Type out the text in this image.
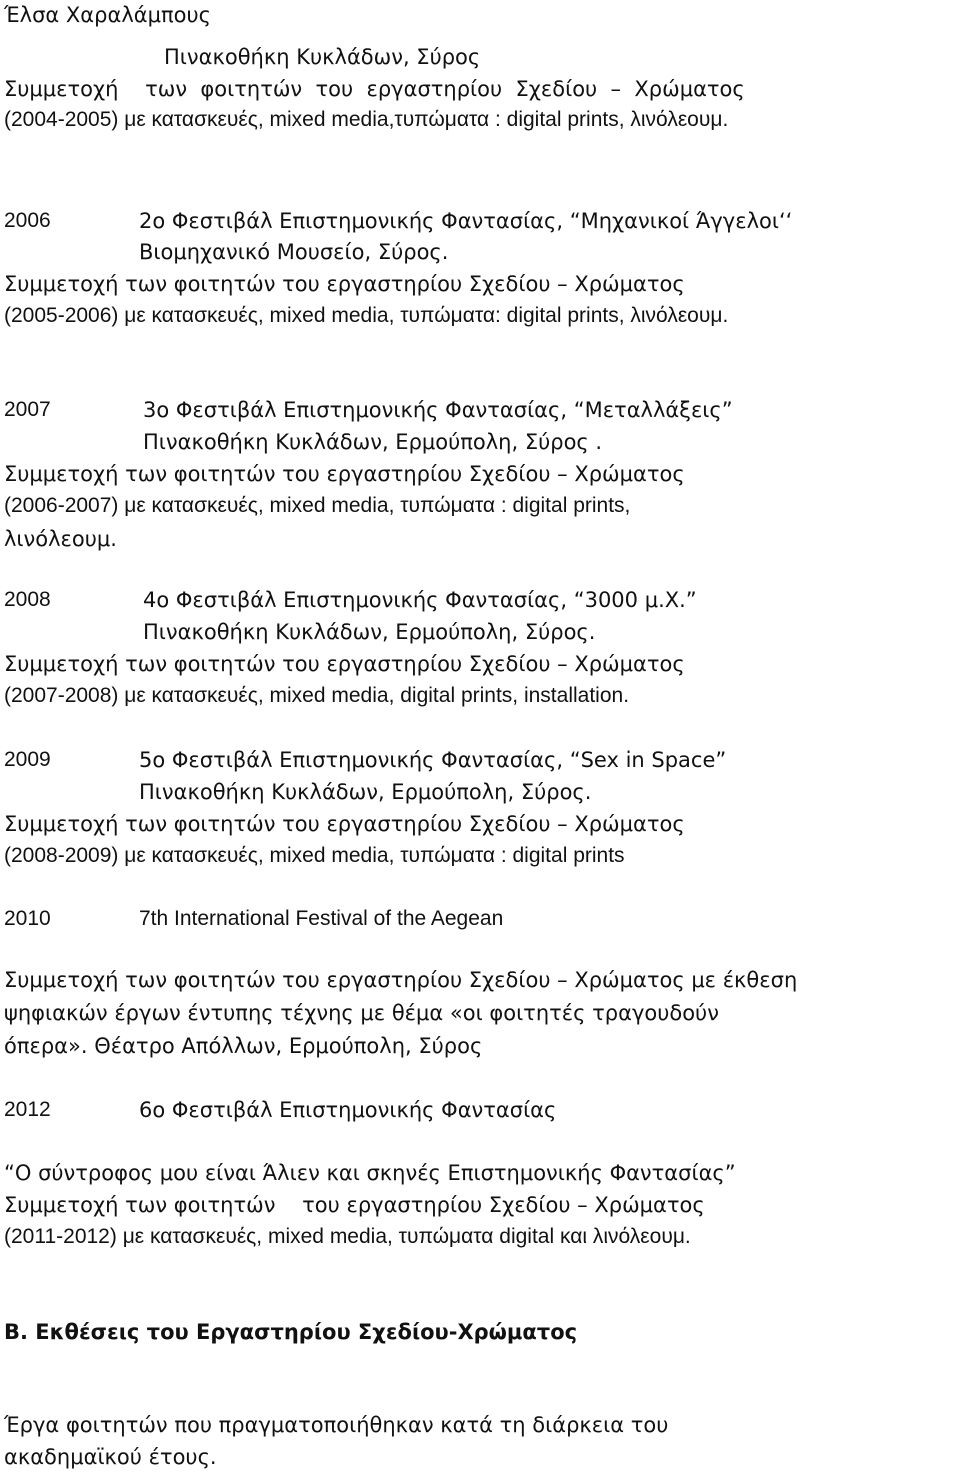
Έλσα Χαραλάμπους
Πινακοθήκη Κυκλάδων, Σύρος
Συμμετοχή    των  φοιτητών  του  εργαστηρίου  Σχεδίου  –  Χρώματος
(2004-2005) με κατασκευές, mixed media,τυπώματα : digital prints, λινόλεουμ.
2006	2ο Φεστιβάλ Επιστημονικής Φαντασίας, “Μηχανικοί Άγγελοι‘‘
Βιομηχανικό Μουσείο, Σύρος.
Συμμετοχή των φοιτητών του εργαστηρίου Σχεδίου – Χρώματος
(2005-2006) με κατασκευές, mixed media, τυπώματα: digital prints, λινόλεουμ.
2007	3ο Φεστιβάλ Επιστημονικής Φαντασίας, “Μεταλλάξεις”
Πινακοθήκη Κυκλάδων, Ερμούπολη, Σύρος .
Συμμετοχή των φοιτητών του εργαστηρίου Σχεδίου – Χρώματος
(2006-2007) με κατασκευές, mixed media, τυπώματα : digital prints,
λινόλεουμ.
2008	4ο Φεστιβάλ Επιστημονικής Φαντασίας, “3000 μ.Χ.”
Πινακοθήκη Κυκλάδων, Ερμούπολη, Σύρος.
Συμμετοχή των φοιτητών του εργαστηρίου Σχεδίου – Χρώματος
(2007-2008) με κατασκευές, mixed media, digital prints, installation.
2009	5ο Φεστιβάλ Επιστημονικής Φαντασίας, “Sex in Space”
Πινακοθήκη Κυκλάδων, Ερμούπολη, Σύρος.
Συμμετοχή των φοιτητών του εργαστηρίου Σχεδίου – Χρώματος
(2008-2009) με κατασκευές, mixed media, τυπώματα : digital prints
2010	7th International Festival of the Aegean
Συμμετοχή των φοιτητών του εργαστηρίου Σχεδίου – Χρώματος με έκθεση
ψηφιακών έργων έντυπης τέχνης με θέμα «οι φοιτητές τραγουδούν
όπερα». Θέατρο Απόλλων, Ερμούπολη, Σύρος
2012	6ο Φεστιβάλ Επιστημονικής Φαντασίας
“Ο σύντροφος μου είναι Άλιεν και σκηνές Επιστημονικής Φαντασίας”
Συμμετοχή των φοιτητών    του εργαστηρίου Σχεδίου – Χρώματος
(2011-2012) με κατασκευές, mixed media, τυπώματα digital και λινόλεουμ.
Β. Εκθέσεις του Εργαστηρίου Σχεδίου-Χρώματος
Έργα φοιτητών που πραγματοποιήθηκαν κατά τη διάρκεια του
ακαδημαϊκού έτους.
